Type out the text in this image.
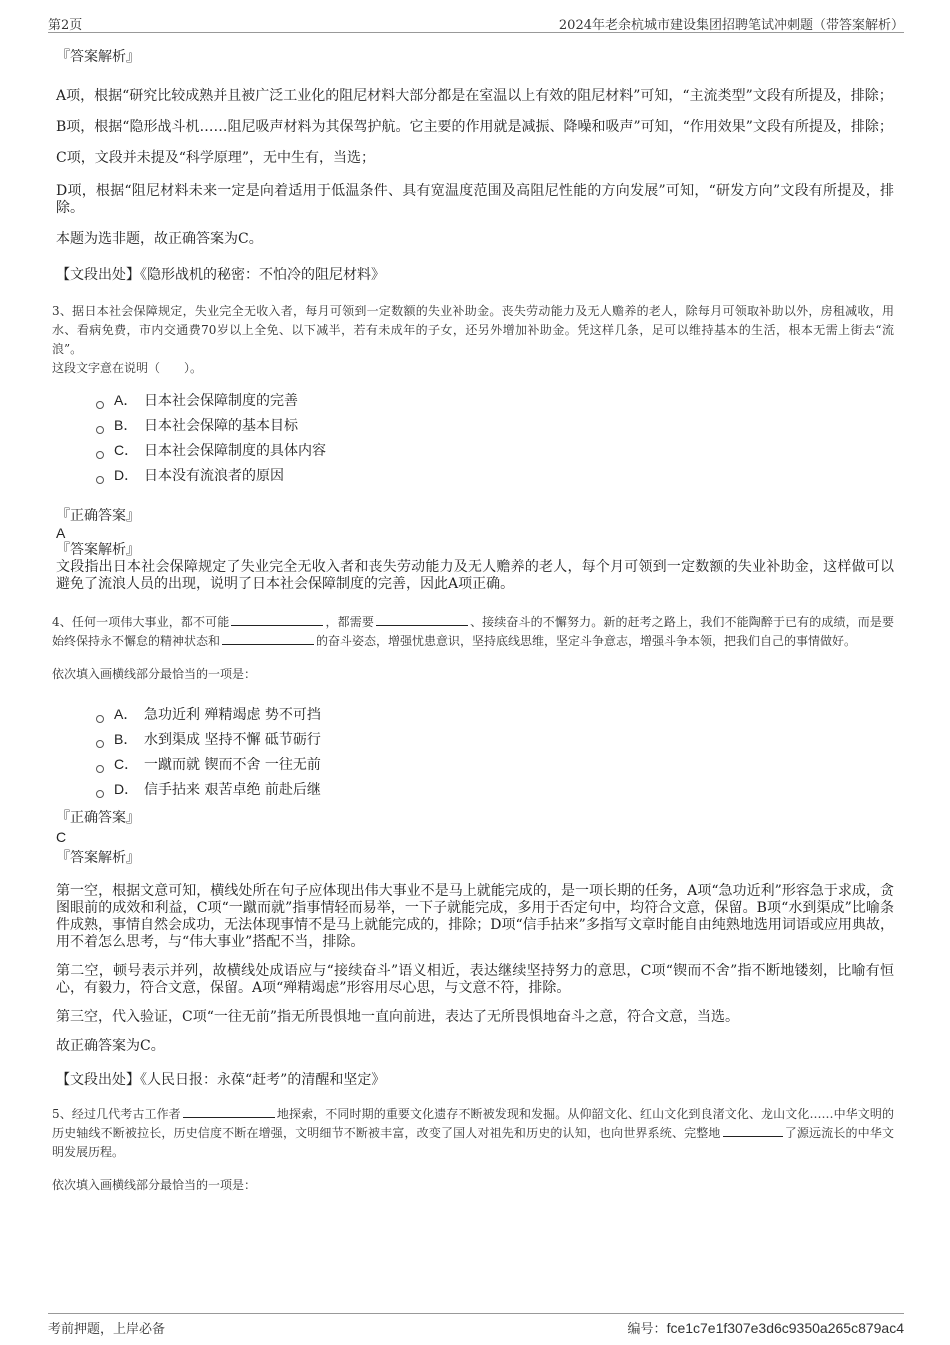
第2页	2024年老余杭城市建设集团招聘笔试冲刺题（带答案解析）
『答案解析』
A项，根据“研究比较成熟并且被广泛工业化的阻尼材料大部分都是在室温以上有效的阻尼材料”可知，“主流类型”文段有所提及，排除；
B项，根据“隐形战斗机……阻尼吸声材料为其保驾护航。它主要的作用就是减振、降噪和吸声”可知，“作用效果”文段有所提及，排除；
C项，文段并未提及“科学原理”，无中生有，当选；
D项，根据“阻尼材料未来一定是向着适用于低温条件、具有宽温度范围及高阻尼性能的方向发展”可知，“研发方向”文段有所提及，排除。
本题为选非题，故正确答案为C。
【文段出处】《隐形战机的秘密：不怕冷的阻尼材料》
3、据日本社会保障规定，失业完全无收入者，每月可领到一定数额的失业补助金。丧失劳动能力及无人赡养的老人，除每月可领取补助以外，房租减收，用水、看病免费，市内交通费70岁以上全免、以下减半，若有未成年的子女，还另外增加补助金。凭这样几条，足可以维持基本的生活，根本无需上街去“流浪”。
这段文字意在说明（　　）。
A． 日本社会保障制度的完善
B． 日本社会保障的基本目标
C． 日本社会保障制度的具体内容
D． 日本没有流浪者的原因
『正确答案』
A
『答案解析』
文段指出日本社会保障规定了失业完全无收入者和丧失劳动能力及无人赡养的老人，每个月可领到一定数额的失业补助金，这样做可以避免了流浪人员的出现，说明了日本社会保障制度的完善，因此A项正确。
4、任何一项伟大事业，都不可能	，都需要	、接续奋斗的不懈努力。新的赶考之路上，我们不能陶醉于已有的成绩，而是要始终保持永不懈怠的精神状态和	的奋斗姿态，增强忧患意识，坚持底线思维，坚定斗争意志，增强斗争本领，把我们自己的事情做好。
依次填入画横线部分最恰当的一项是：
A． 急功近利 殚精竭虑 势不可挡
B． 水到渠成 坚持不懈 砥节砺行
C． 一蹴而就 锲而不舍 一往无前
D． 信手拈来 艰苦卓绝 前赴后继
『正确答案』
C
『答案解析』
第一空，根据文意可知，横线处所在句子应体现出伟大事业不是马上就能完成的，是一项长期的任务，A项“急功近利”形容急于求成，贪图眼前的成效和利益，C项“一蹴而就”指事情轻而易举，一下子就能完成，多用于否定句中，均符合文意，保留。B项“水到渠成”比喻条件成熟，事情自然会成功，无法体现事情不是马上就能完成的，排除；D项“信手拈来”多指写文章时能自由纯熟地选用词语或应用典故，用不着怎么思考，与“伟大事业”搭配不当，排除。
第二空，顿号表示并列，故横线处成语应与“接续奋斗”语义相近，表达继续坚持努力的意思，C项“锲而不舍”指不断地镂刻，比喻有恒心，有毅力，符合文意，保留。A项“殚精竭虑”形容用尽心思，与文意不符，排除。
第三空，代入验证，C项“一往无前”指无所畏惧地一直向前进，表达了无所畏惧地奋斗之意，符合文意，当选。
故正确答案为C。
【文段出处】《人民日报：永葆“赶考”的清醒和坚定》
5、经过几代考古工作者	地探索，不同时期的重要文化遗存不断被发现和发掘。从仰韶文化、红山文化到良渚文化、龙山文化……中华文明的历史轴线不断被拉长，历史信度不断在增强，文明细节不断被丰富，改变了国人对祖先和历史的认知，也向世界系统、完整地	了源远流长的中华文明发展历程。
依次填入画横线部分最恰当的一项是：
考前押题，上岸必备	编号：fce1c7e1f307e3d6c9350a265c879ac4
